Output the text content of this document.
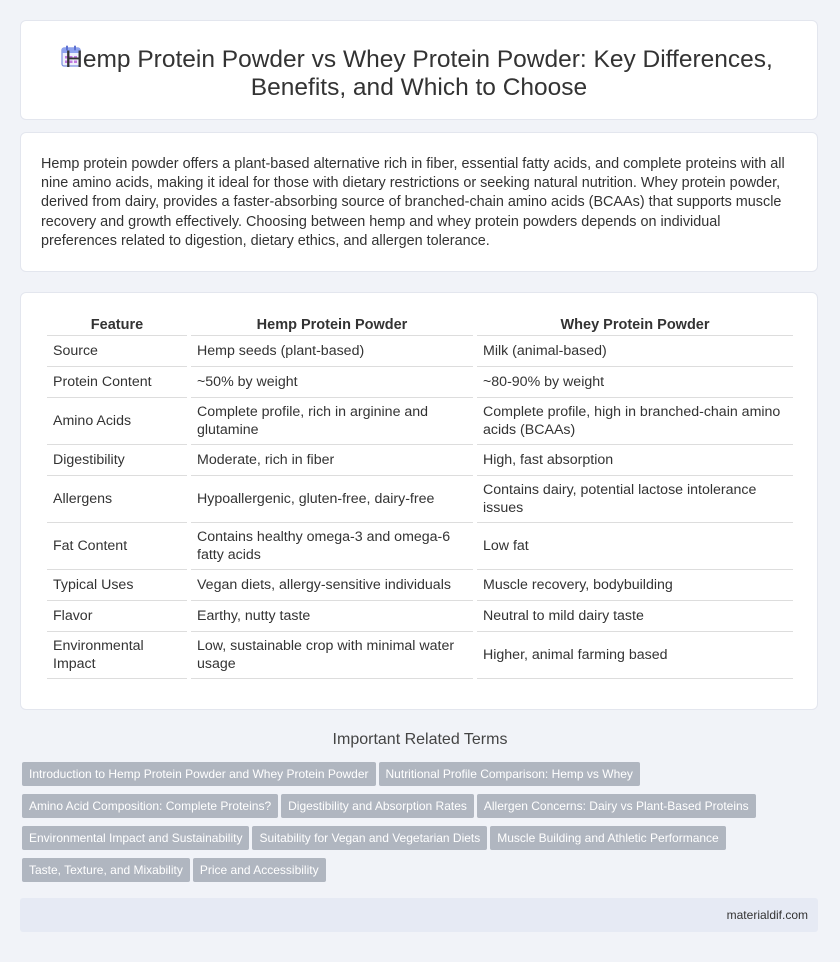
Hemp Protein Powder vs Whey Protein Powder: Key Differences,
Benefits, and Which to Choose
Hemp protein powder offers a plant-based alternative rich in fiber, essential fatty acids, and complete proteins with all nine amino acids, making it ideal for those with dietary restrictions or seeking natural nutrition. Whey protein powder, derived from dairy, provides a faster-absorbing source of branched-chain amino acids (BCAAs) that supports muscle recovery and growth effectively. Choosing between hemp and whey protein powders depends on individual preferences related to digestion, dietary ethics, and allergen tolerance.
Feature	Hemp Protein Powder	Whey Protein Powder
Source	Hemp seeds (plant-based)	Milk (animal-based)
Protein Content	~50% by weight	~80-90% by weight
Amino Acids	Complete profile, rich in arginine and glutamine	Complete profile, high in branched-chain amino acids (BCAAs)
Digestibility	Moderate, rich in fiber	High, fast absorption
Allergens	Hypoallergenic, gluten-free, dairy-free	Contains dairy, potential lactose intolerance issues
Fat Content	Contains healthy omega-3 and omega-6 fatty acids	Low fat
Typical Uses	Vegan diets, allergy-sensitive individuals	Muscle recovery, bodybuilding
Flavor	Earthy, nutty taste	Neutral to mild dairy taste
Environmental Impact	Low, sustainable crop with minimal water usage	Higher, animal farming based
Important Related Terms
Introduction to Hemp Protein Powder and Whey Protein Powder Nutritional Profile Comparison: Hemp vs WheyAmino Acid Composition: Complete Proteins? Digestibility and Absorption Rates Allergen Concerns: Dairy vs Plant-Based ProteinsEnvironmental Impact and Sustainability Suitability for Vegan and Vegetarian Diets Muscle Building and Athletic PerformanceTaste, Texture, and Mixability Price and Accessibility
materialdif.com
